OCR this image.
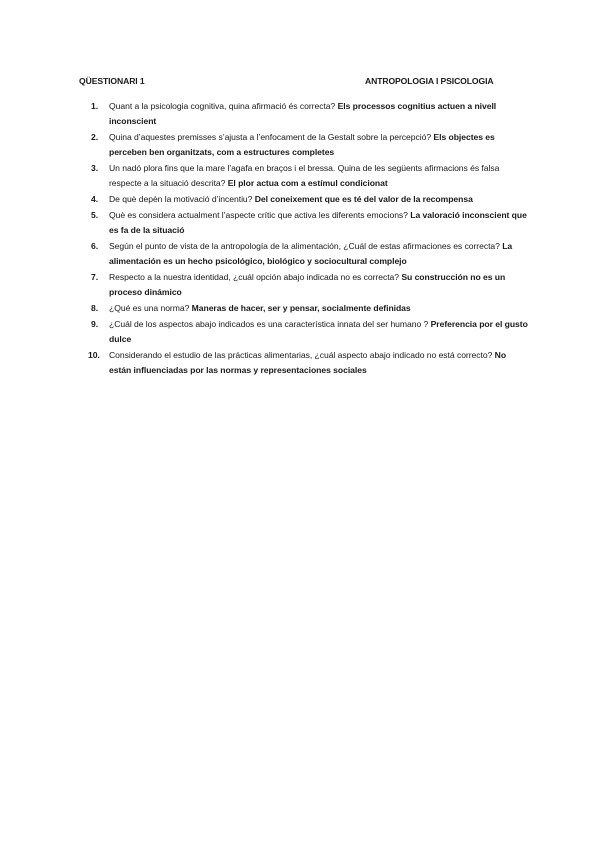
QÜESTIONARI 1	ANTROPOLOGIA I PSICOLOGIA
1.	Quant a la psicologia cognitiva, quina afirmació és correcta? Els processos cognitius actuen a nivell inconscient
2.	Quina d’aquestes premisses s’ajusta a l’enfocament de la Gestalt sobre la percepció? Els objectes es perceben ben organitzats, com a estructures completes
3.	Un nadó plora fins que la mare l’agafa en braços i el bressa. Quina de les següents afirmacions és falsa respecte a la situació descrita? El plor actua com a estímul condicionat
4.	De què depèn la motivació d’incentiu? Del coneixement que es té del valor de la recompensa
5.	Què es considera actualment l’aspecte crític que activa les diferents emocions? La valoració inconscient que es fa de la situació
6.	Según el punto de vista de la antropología de la alimentación, ¿Cuál de estas afirmaciones es correcta? La alimentación es un hecho psicológico, biológico y sociocultural complejo
7.	Respecto a la nuestra identidad, ¿cuál opción abajo indicada no es correcta? Su construcción no es un proceso dinámico
8.	¿Qué es una norma? Maneras de hacer, ser y pensar, socialmente definidas
9.	¿Cuál de los aspectos abajo indicados es una característica innata del ser humano ? Preferencia por el gusto dulce
10.	Considerando el estudio de las prácticas alimentarias, ¿cuál aspecto abajo indicado no está correcto? No están influenciadas por las normas y representaciones sociales
